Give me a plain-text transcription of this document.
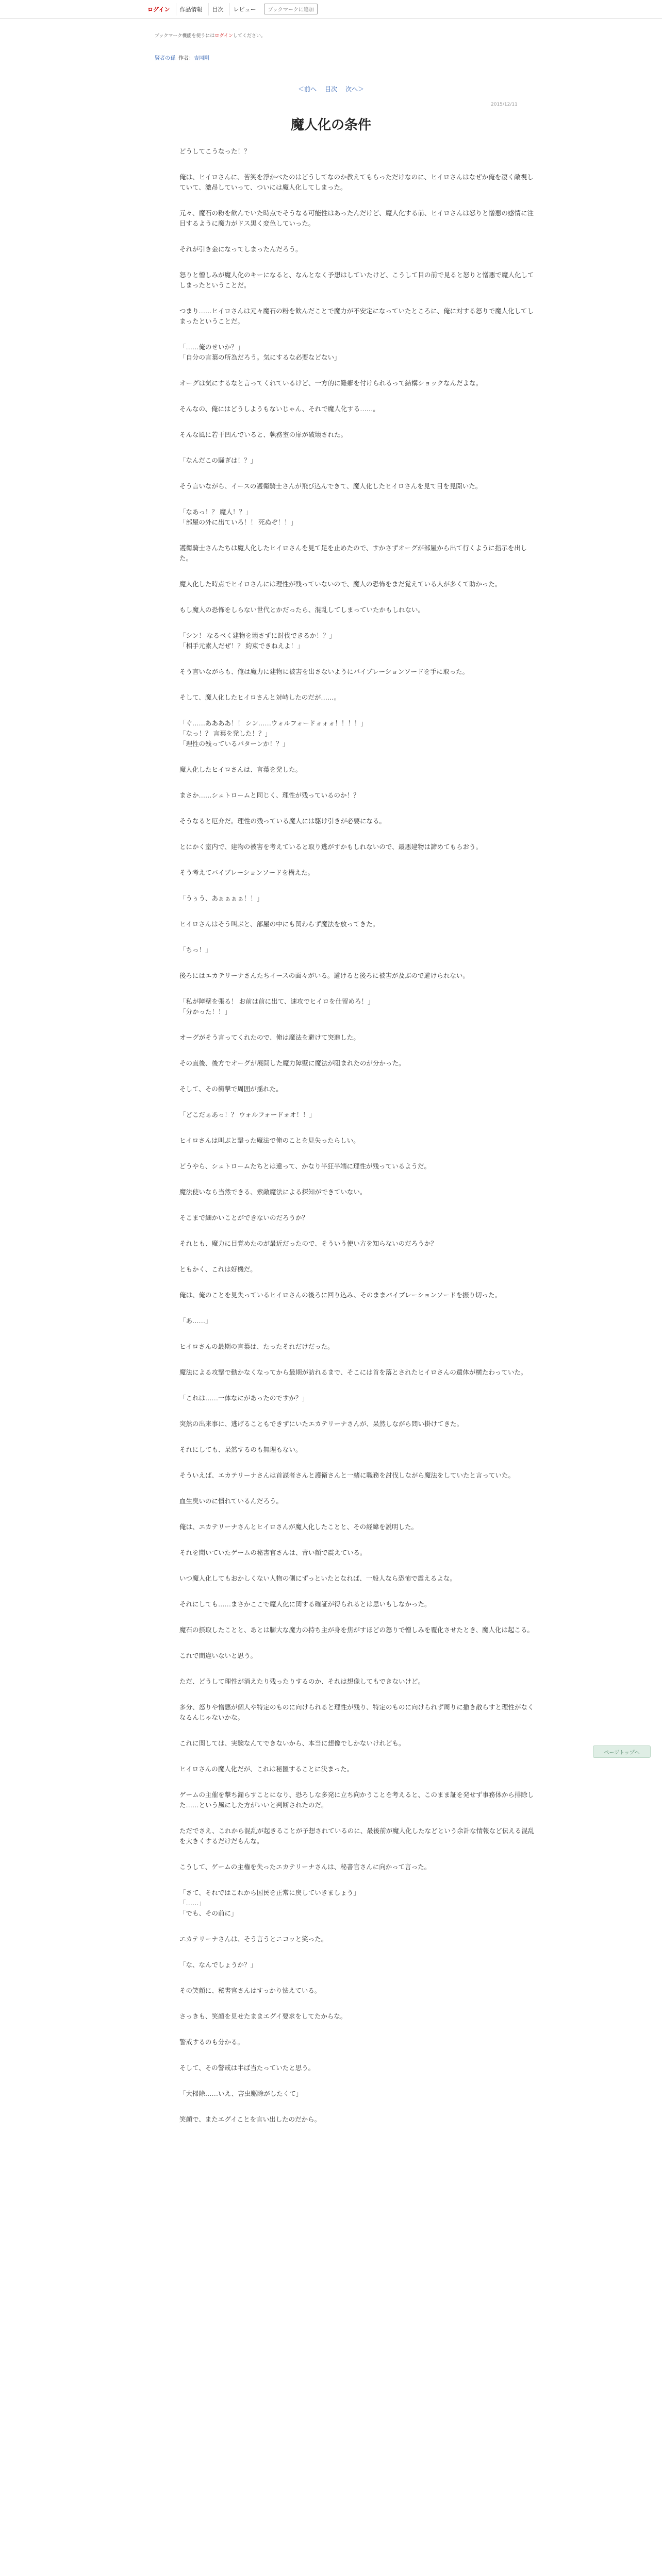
ログイン	作品情報	目次	レビュー	ブックマークに追加
ブックマーク機能を使うにはログインしてください。
賢者の孫 作者： 吉岡剛
＜前へ 目次 次へ＞
2015/12/11
魔人化の条件

どうしてこうなった！？

俺は、ヒイロさんに、苦笑を浮かべたのはどうしてなのか教えてもらっただけなのに、ヒイロさんはなぜか俺を凄く敵視していて、激昂していって、ついには魔人化してしまった。

元々、魔石の粉を飲んでいた時点でそうなる可能性はあったんだけど、魔人化する前、ヒイロさんは怒りと憎悪の感情に注目するように魔力がドス黒く変色していった。

それが引き金になってしまったんだろう。

怒りと憎しみが魔人化のキーになると、なんとなく予想はしていたけど、こうして目の前で見ると怒りと憎悪で魔人化してしまったということだ。

つまり……ヒイロさんは元々魔石の粉を飲んだことで魔力が不安定になっていたところに、俺に対する怒りで魔人化してしまったということだ。

「……俺のせいか？」
「自分の言葉の所為だろう。気にするな必要などない」

オーグは気にするなと言ってくれているけど、一方的に難癖を付けられるって結構ショックなんだよな。

そんなの、俺にはどうしようもないじゃん、それで魔人化する……。

そんな風に若干凹んでいると、執務室の扉が破壊された。

「なんだこの騒ぎは！？」

そう言いながら、イースの護衛騎士さんが飛び込んできて、魔人化したヒイロさんを見て目を見開いた。

「なあっ！？ 魔人！？」
「部屋の外に出ていろ！！ 死ぬぞ！！」

護衛騎士さんたちは魔人化したヒイロさんを見て足を止めたので、すかさずオーグが部屋から出て行くように指示を出した。

魔人化した時点でヒイロさんには理性が残っていないので、魔人の恐怖をまだ覚えている人が多くて助かった。

もし魔人の恐怖をしらない世代とかだったら、混乱してしまっていたかもしれない。

「シン！ なるべく建物を壊さずに討伐できるか！？」
「相手元素人だぜ！？ 約束できねえよ！」

そう言いながらも、俺は魔力に建物に被害を出さないようにバイブレーションソードを手に取った。

そして、魔人化したヒイロさんと対峙したのだが……。

「ぐ……ああああ！！ シン……ウォルフォードォォォ！！！！」
「なっ！？ 言葉を発した！？」
「理性の残っているパターンか！？」

魔人化したヒイロさんは、言葉を発した。

まさか……シュトロームと同じく、理性が残っているのか！？

そうなると厄介だ。理性の残っている魔人には駆け引きが必要になる。

とにかく室内で、建物の被害を考えていると取り逃がすかもしれないので、最悪建物は諦めてもらおう。

そう考えてバイブレーションソードを構えた。

「うぅう、あぁぁぁぁ！！」

ヒイロさんはそう叫ぶと、部屋の中にも関わらず魔法を放ってきた。

「ちっ！」

後ろにはエカテリーナさんたちイースの面々がいる。避けると後ろに被害が及ぶので避けられない。

「私が障壁を張る！ お前は前に出て、速攻でヒイロを仕留めろ！」
「分かった！！」

オーグがそう言ってくれたので、俺は魔法を避けて突進した。

その直後、後方でオーグが展開した魔力障壁に魔法が阻まれたのが分かった。

そして、その衝撃で周囲が揺れた。

「どこだぁあっ！？ ウォルフォードォオ！！」

ヒイロさんは叫ぶと撃った魔法で俺のことを見失ったらしい。

どうやら、シュトロームたちとは違って、かなり半狂半端に理性が残っているようだ。

魔法使いなら当然できる、索敵魔法による探知ができていない。

そこまで細かいことができないのだろうか？

それとも、魔力に目覚めたのが最近だったので、そういう使い方を知らないのだろうか？

ともかく、これは好機だ。

俺は、俺のことを見失っているヒイロさんの後ろに回り込み、そのままバイブレーションソードを振り切った。

「あ……」

ヒイロさんの最期の言葉は、たったそれだけだった。

魔法による攻撃で動かなくなってから最期が訪れるまで、そこには首を落とされたヒイロさんの遺体が横たわっていた。

「これは……一体なにがあったのですか？」

突然の出来事に、逃げることもできずにいたエカテリーナさんが、呆然しながら問い掛けてきた。

それにしても、呆然するのも無理もない。

そういえば、エカテリーナさんは首謀者さんと護衛さんと一緒に職務を討伐しながら魔法をしていたと言っていた。

血生臭いのに慣れているんだろう。

俺は、エカテリーナさんとヒイロさんが魔人化したことと、その経緯を説明した。

それを聞いていたゲームの秘書官さんは、青い顔で震えている。

いつ魔人化してもおかしくない人物の側にずっといたとなれば、一般人なら恐怖で震えるよな。

それにしても……まさかここで魔人化に関する確証が得られるとは思いもしなかった。

魔石の摂取したことと、あとは膨大な魔力の持ち主が身を焦がすほどの怒りで憎しみを覆化させたとき、魔人化は起こる。

これで間違いないと思う。

ただ、どうして理性が消えたり残ったりするのか、それは想像してもできないけど。

多分、怒りや憎悪が個人や特定のものに向けられると理性が残り、特定のものに向けられず周りに撒き散らすと理性がなくなるんじゃないかな。

これに関しては、実験なんてできないから、本当に想像でしかないけれども。

ヒイロさんの魔人化だが、これは秘匿することに決まった。

ゲームの主催を撃ち漏らすことになり、恐ろしな多発に立ち向かうことを考えると、このまま証を発せず事務体から排除した……という風にした方がいいと判断されたのだ。

ただでさえ、これから混乱が起きることが予想されているのに、最後前が魔人化したなどという余計な情報など伝える混乱を大きくするだけだもんな。

こうして、ゲームの主権を失ったエカテリーナさんは、秘書官さんに向かって言った。

「さて、それではこれから国民を正常に戻していきましょう」
「……」
「でも、その前に」

エカテリーナさんは、そう言うとニコッと笑った。

「な、なんでしょうか？」

その笑顔に、秘書官さんはすっかり怯えている。

さっきも、笑顔を見せたままエグイ要求をしてたからな。

警戒するのも分かる。

そして、その警戒は半ば当たっていたと思う。

「大掃除……いえ、害虫駆除がしたくて」

笑顔で、またエグイことを言い出したのだから。

ページトップへ
